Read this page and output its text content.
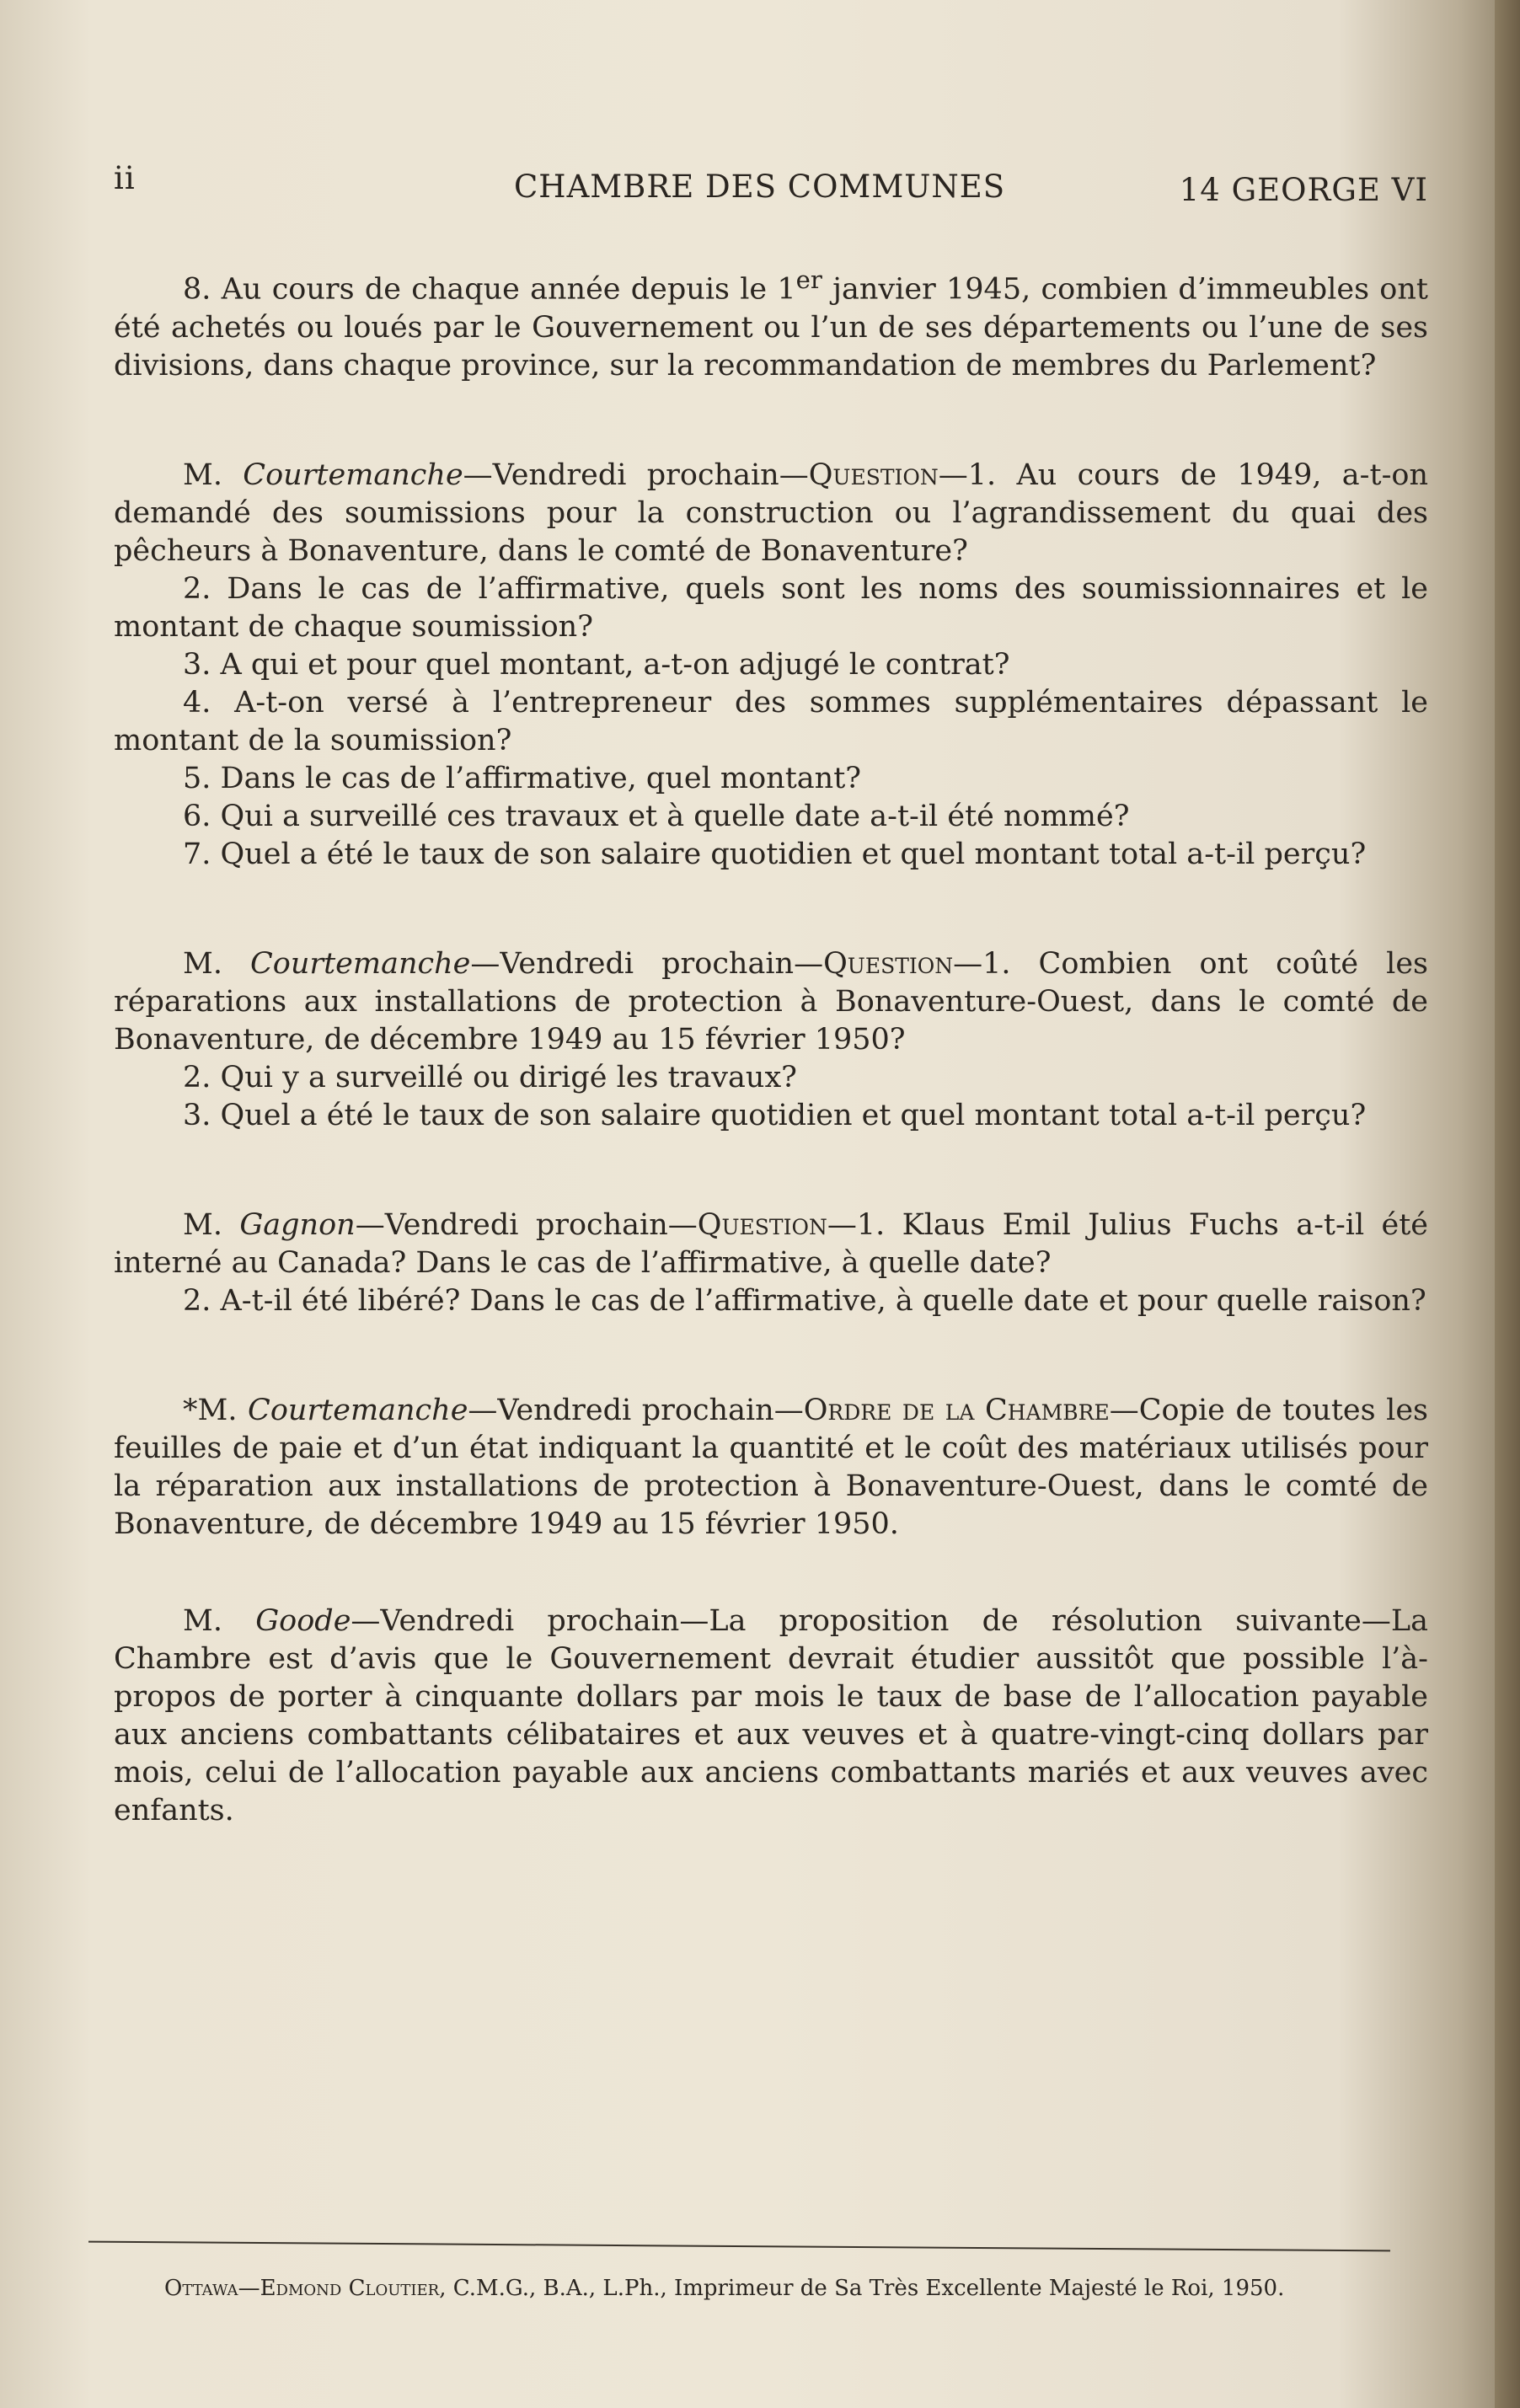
ii	CHAMBRE DES COMMUNES	14 GEORGE VI

8. Au cours de chaque année depuis le 1er janvier 1945, combien d’immeubles ont été achetés ou loués par le Gouvernement ou l’un de ses départements ou l’une de ses divisions, dans chaque province, sur la recommandation de membres du Parlement?

M. Courtemanche—Vendredi prochain—Question—1. Au cours de 1949, a-t-on demandé des soumissions pour la construction ou l’agrandissement du quai des pêcheurs à Bonaventure, dans le comté de Bonaventure?

2. Dans le cas de l’affirmative, quels sont les noms des soumissionnaires et le montant de chaque soumission?

3. A qui et pour quel montant, a-t-on adjugé le contrat?

4. A-t-on versé à l’entrepreneur des sommes supplémentaires dépassant le montant de la soumission?

5. Dans le cas de l’affirmative, quel montant?

6. Qui a surveillé ces travaux et à quelle date a-t-il été nommé?

7. Quel a été le taux de son salaire quotidien et quel montant total a-t-il perçu?

M. Courtemanche—Vendredi prochain—Question—1. Combien ont coûté les réparations aux installations de protection à Bonaventure-Ouest, dans le comté de Bonaventure, de décembre 1949 au 15 février 1950?

2. Qui y a surveillé ou dirigé les travaux?

3. Quel a été le taux de son salaire quotidien et quel montant total a-t-il perçu?

M. Gagnon—Vendredi prochain—Question—1. Klaus Emil Julius Fuchs a-t-il été interné au Canada? Dans le cas de l’affirmative, à quelle date?

2. A-t-il été libéré? Dans le cas de l’affirmative, à quelle date et pour quelle raison?

*M. Courtemanche—Vendredi prochain—Ordre de la Chambre—Copie de toutes les feuilles de paie et d’un état indiquant la quantité et le coût des matériaux utilisés pour la réparation aux installations de protection à Bonaventure-Ouest, dans le comté de Bonaventure, de décembre 1949 au 15 février 1950.

M. Goode—Vendredi prochain—La proposition de résolution suivante—La Chambre est d’avis que le Gouvernement devrait étudier aussitôt que possible l’à-propos de porter à cinquante dollars par mois le taux de base de l’allocation payable aux anciens combattants célibataires et aux veuves et à quatre-vingt-cinq dollars par mois, celui de l’allocation payable aux anciens combattants mariés et aux veuves avec enfants.

Ottawa—Edmond Cloutier, C.M.G., B.A., L.Ph., Imprimeur de Sa Très Excellente Majesté le Roi, 1950.
